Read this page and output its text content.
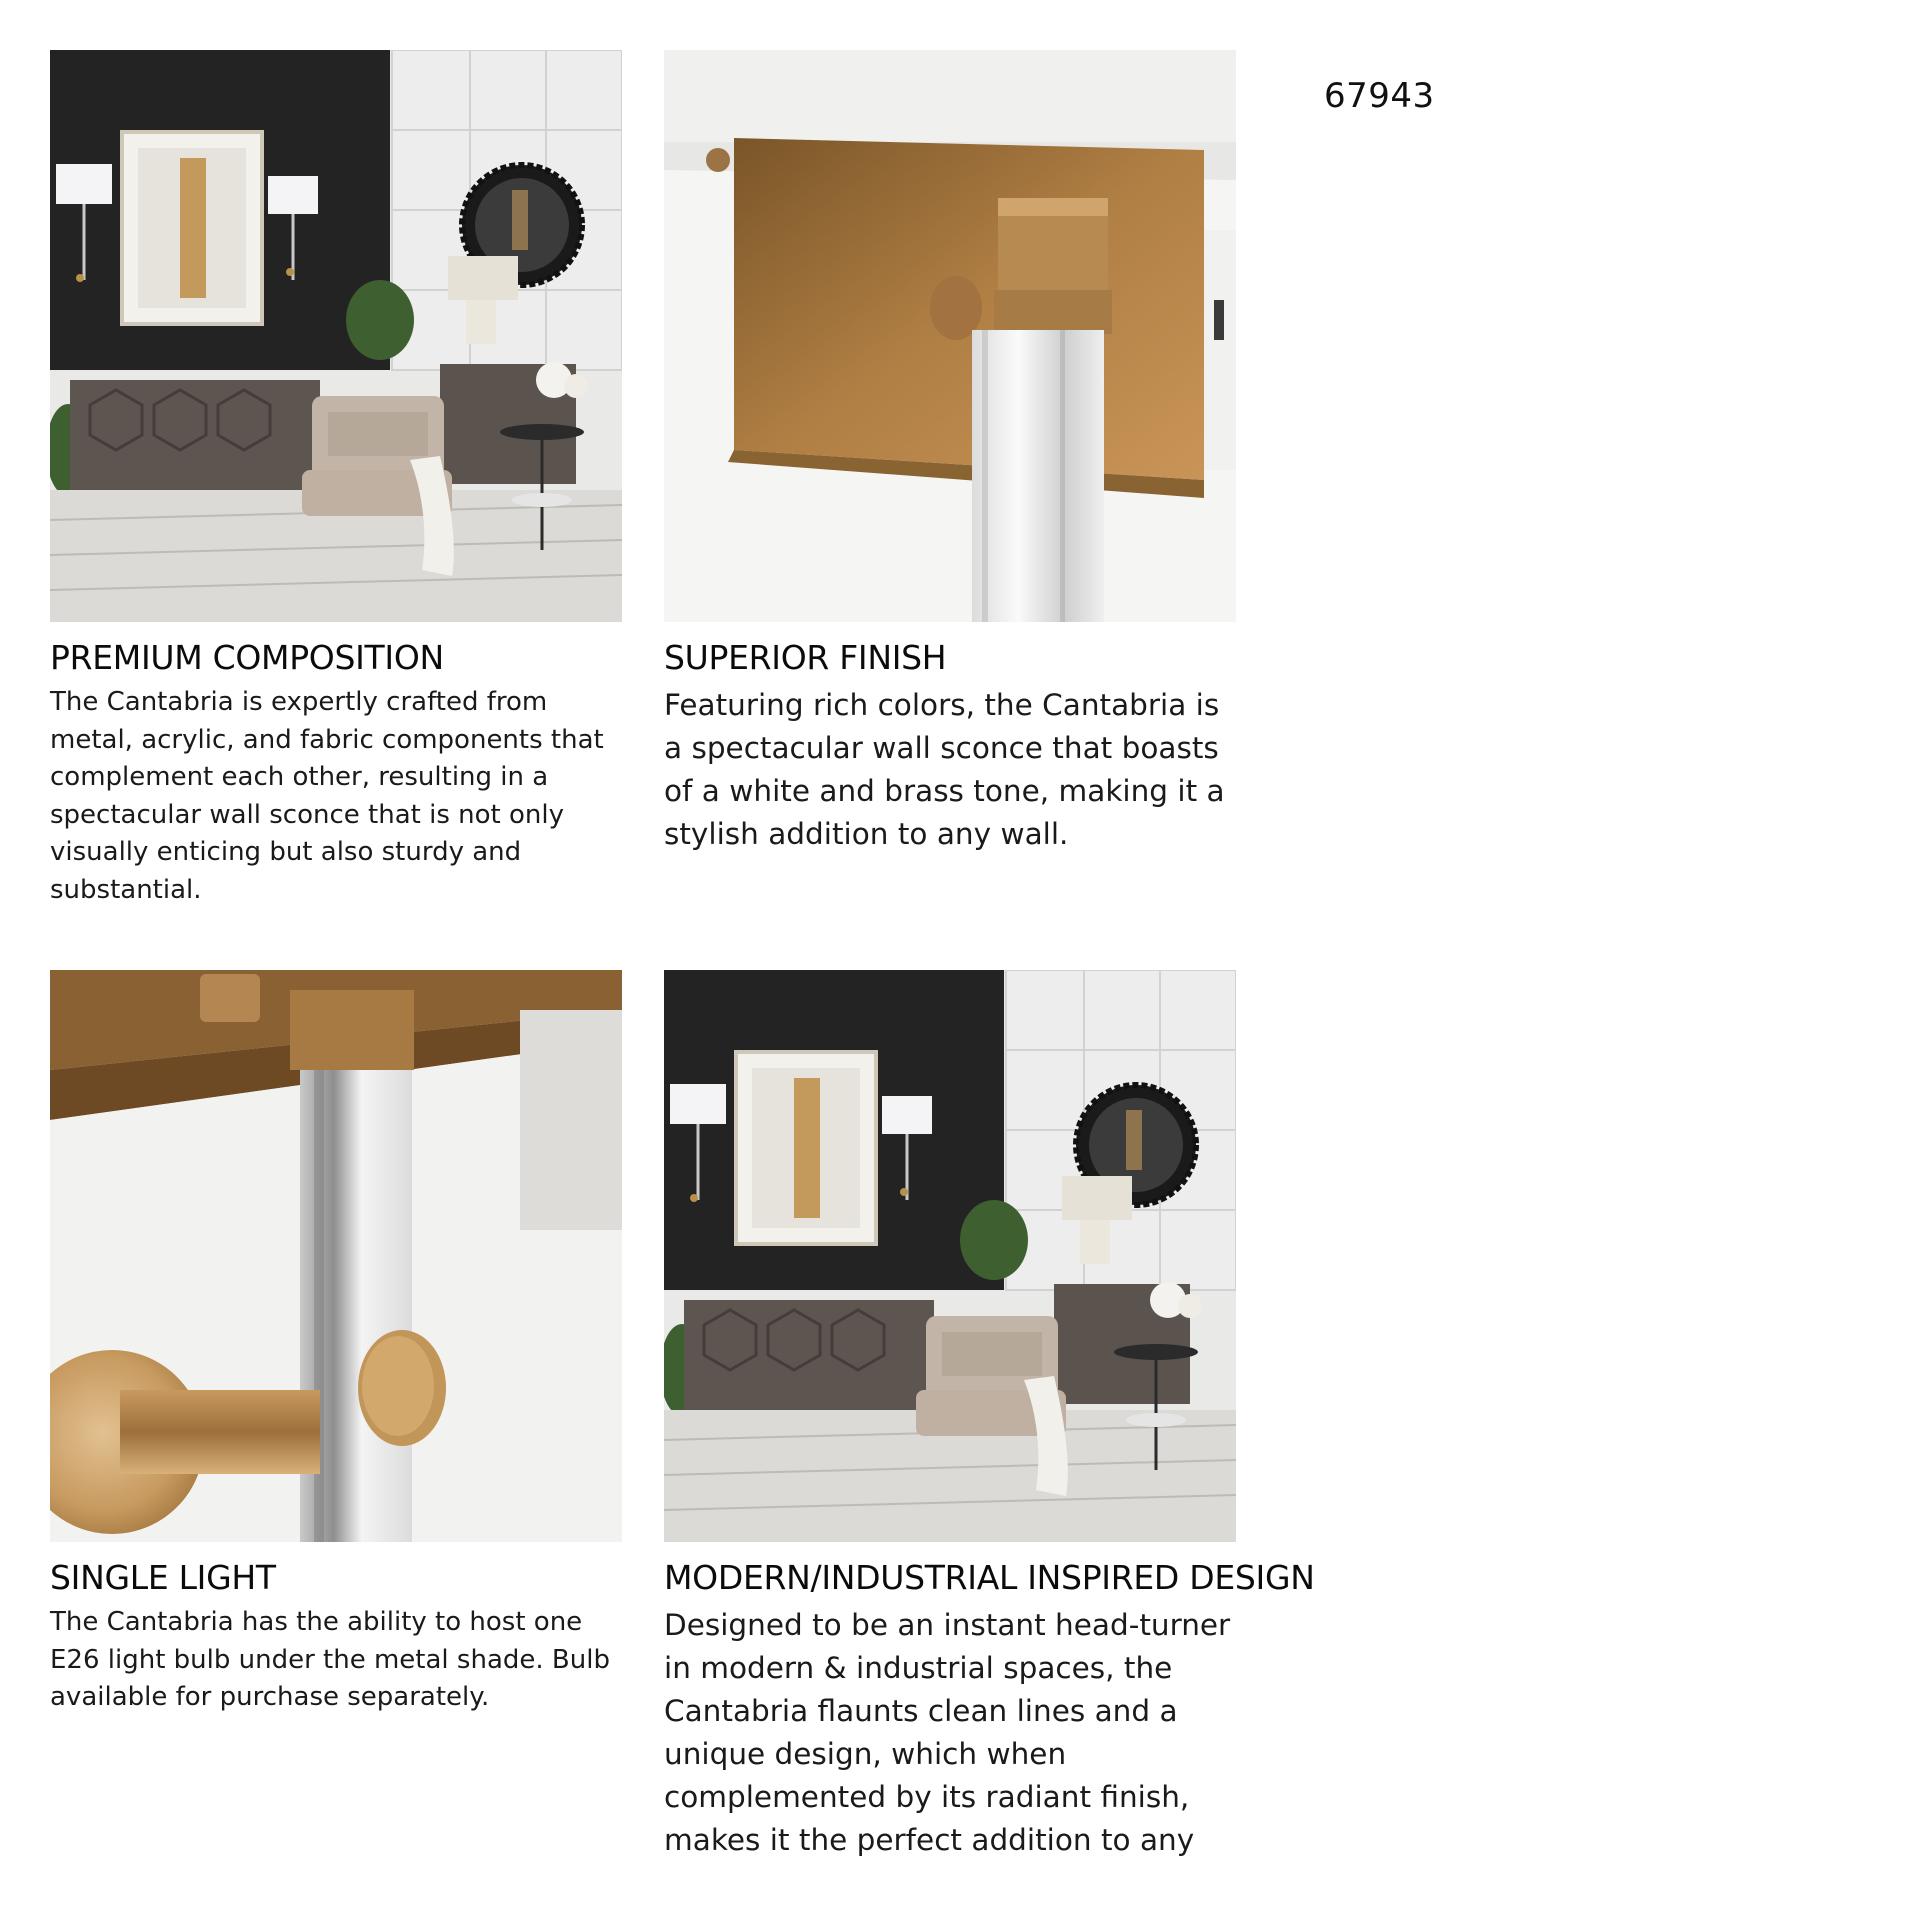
67943
PREMIUM COMPOSITION

The Cantabria is expertly crafted from metal, acrylic, and fabric components that complement each other, resulting in a spectacular wall sconce that is not only visually enticing but also sturdy and substantial.

SUPERIOR FINISH

Featuring rich colors, the Cantabria is a spectacular wall sconce that boasts of a white and brass tone, making it a stylish addition to any wall.

SINGLE LIGHT

The Cantabria has the ability to host one E26 light bulb under the metal shade. Bulb available for purchase separately.

MODERN/INDUSTRIAL INSPIRED DESIGN

Designed to be an instant head-turner in modern & industrial spaces, the Cantabria flaunts clean lines and a unique design, which when complemented by its radiant finish, makes it the perfect addition to any
